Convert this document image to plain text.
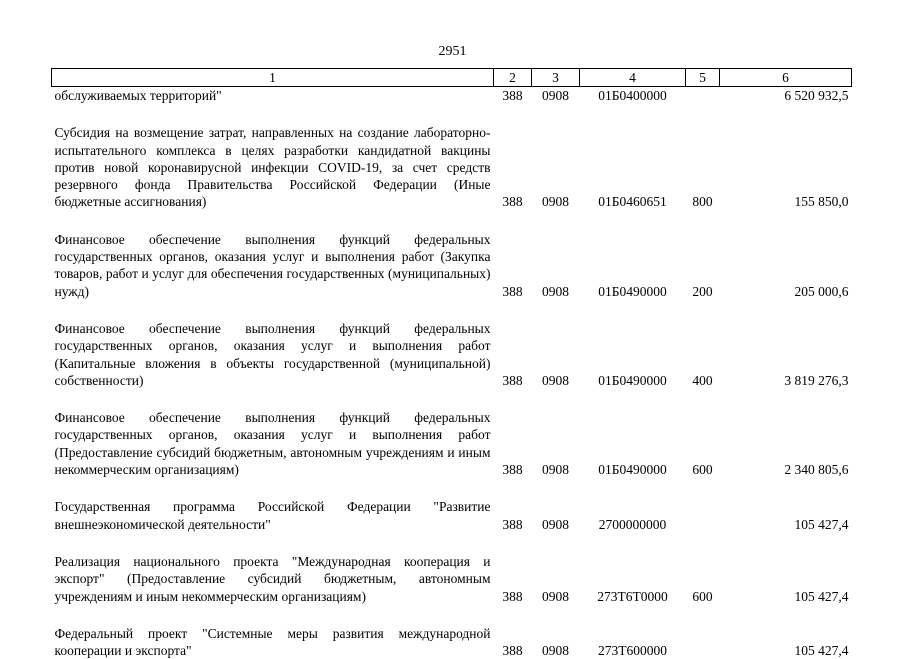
2951
1	2	3	4	5	6
обслуживаемых территорий"	388	0908	01Б0400000		6 520 932,5

Субсидия на возмещение затрат, направленных на создание лабораторно-испытательного комплекса в целях разработки кандидатной вакцины против новой коронавирусной инфекции COVID-19, за счет средств резервного фонда Правительства Российской Федерации (Иные бюджетные ассигнования)	388	0908	01Б0460651	800	155 850,0

Финансовое обеспечение выполнения функций федеральных государственных органов, оказания услуг и выполнения работ (Закупка товаров, работ и услуг для обеспечения государственных (муниципальных) нужд)	388	0908	01Б0490000	200	205 000,6

Финансовое обеспечение выполнения функций федеральных государственных органов, оказания услуг и выполнения работ (Капитальные вложения в объекты государственной (муниципальной) собственности)	388	0908	01Б0490000	400	3 819 276,3

Финансовое обеспечение выполнения функций федеральных государственных органов, оказания услуг и выполнения работ (Предоставление субсидий бюджетным, автономным учреждениям и иным некоммерческим организациям)	388	0908	01Б0490000	600	2 340 805,6

Государственная программа Российской Федерации "Развитие внешнеэкономической деятельности"	388	0908	2700000000		105 427,4

Реализация национального проекта "Международная кооперация и экспорт" (Предоставление субсидий бюджетным, автономным учреждениям и иным некоммерческим организациям)	388	0908	273Т6Т0000	600	105 427,4

Федеральный проект "Системные меры развития международной кооперации и экспорта"	388	0908	273Т600000		105 427,4
